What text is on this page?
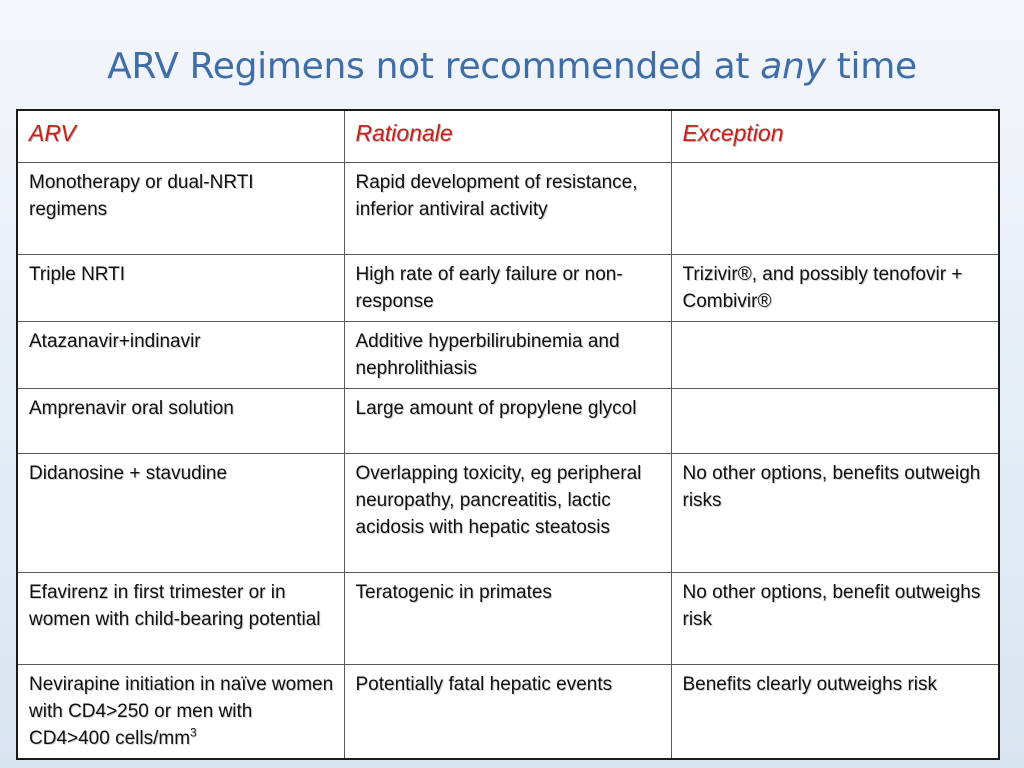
ARV Regimens not recommended at any time
ARV	Rationale	Exception
Monotherapy or dual-NRTI regimens	Rapid development of resistance, inferior antiviral activity	
Triple NRTI	High rate of early failure or non-response	Trizivir®, and possibly tenofovir + Combivir®
Atazanavir+indinavir	Additive hyperbilirubinemia and nephrolithiasis	
Amprenavir oral solution	Large amount of propylene glycol	
Didanosine + stavudine	Overlapping toxicity, eg peripheral neuropathy, pancreatitis, lactic acidosis with hepatic steatosis	No other options, benefits outweigh risks
Efavirenz in first trimester or in women with child-bearing potential	Teratogenic in primates	No other options, benefit outweighs risk
Nevirapine initiation in naïve women with CD4>250 or men with CD4>400 cells/$mm^3$	Potentially fatal hepatic events	Benefits clearly outweighs risk
